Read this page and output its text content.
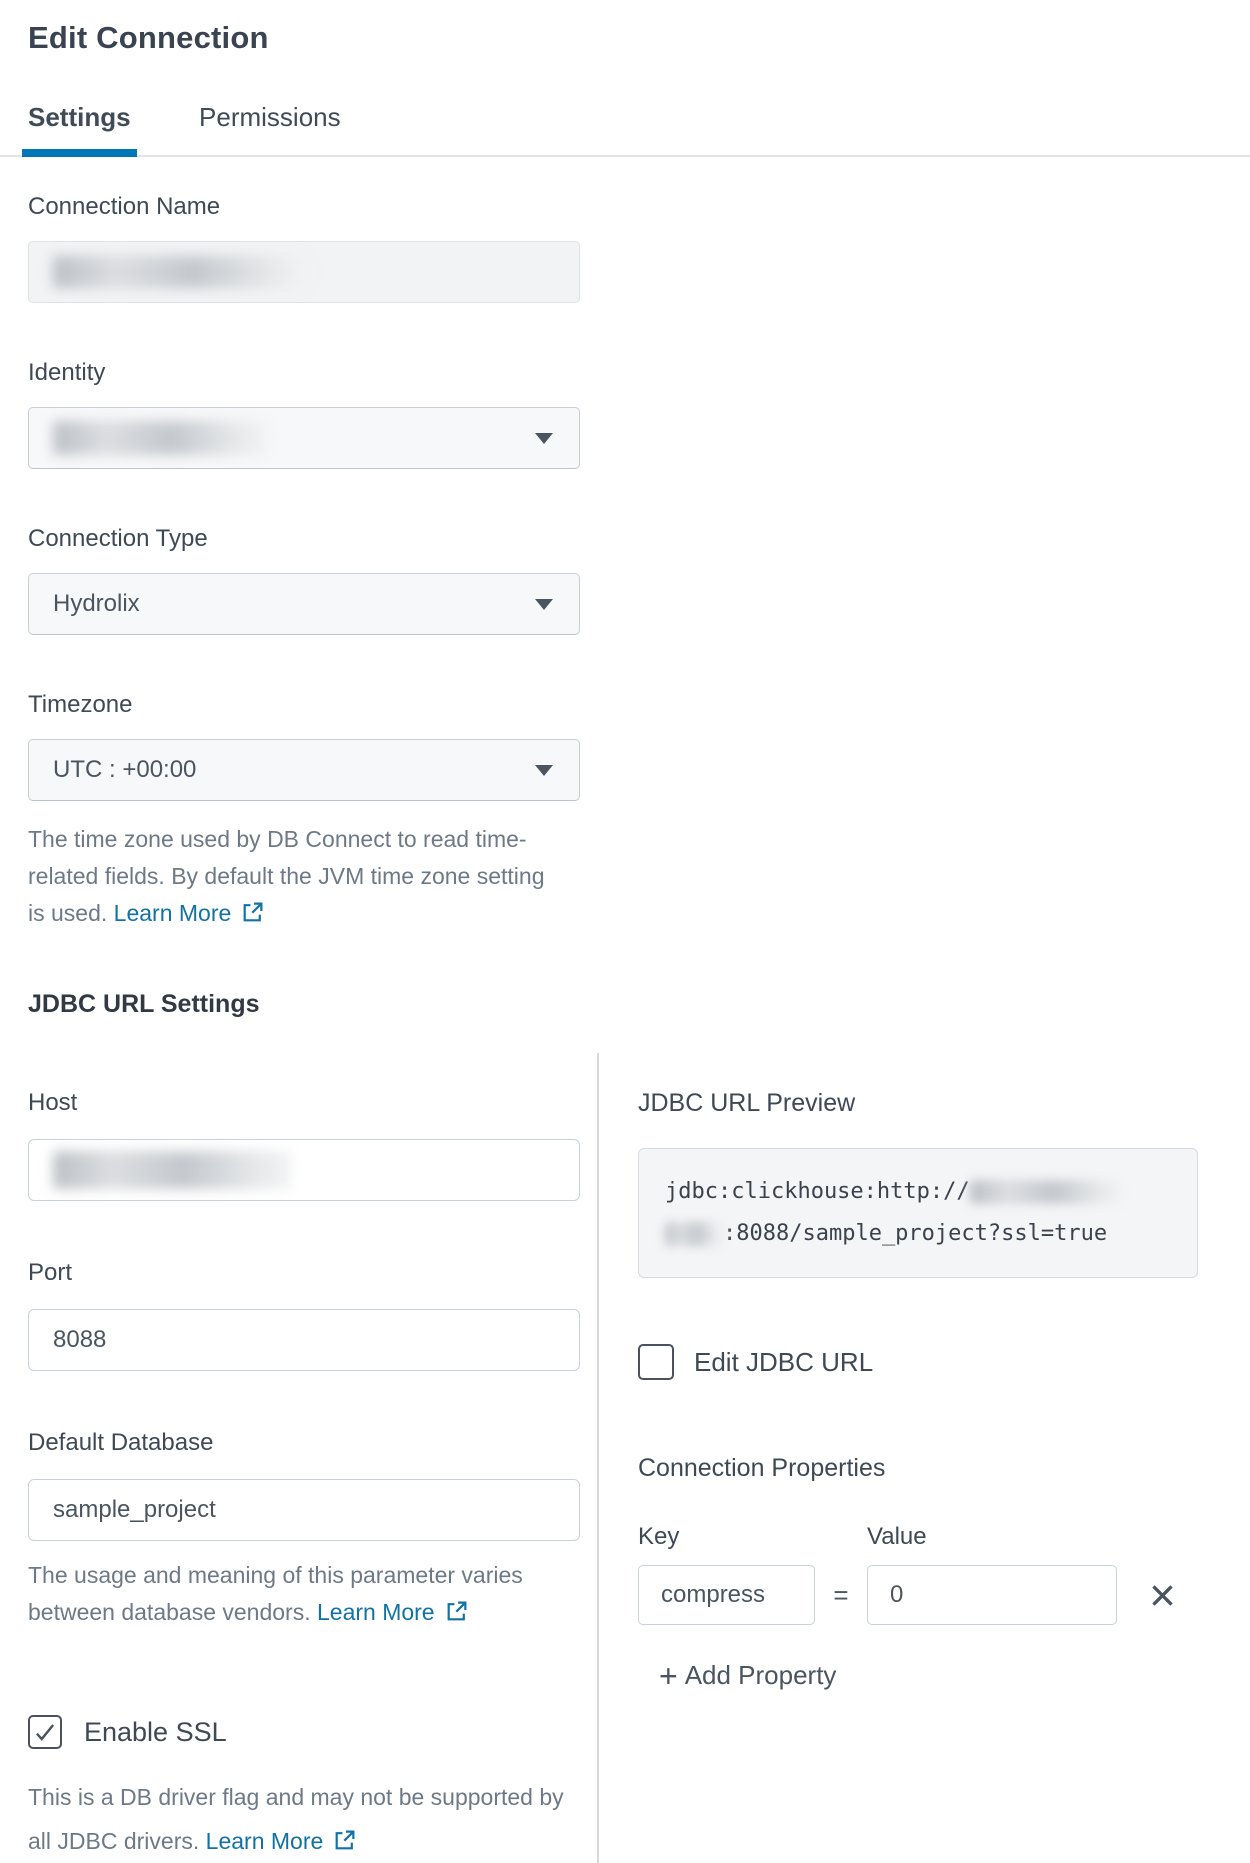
Edit Connection
Settings	Permissions
Connection Name
Identity
Connection Type
Hydrolix
Timezone
UTC : +00:00
The time zone used by DB Connect to read time-
related fields. By default the JVM time zone setting
is used. Learn More
JDBC URL Settings
Host
Port
8088
Default Database
sample_project
The usage and meaning of this parameter varies
between database vendors. Learn More
Enable SSL
This is a DB driver flag and may not be supported by
all JDBC drivers. Learn More
JDBC URL Preview
jdbc:clickhouse:http://
:8088/sample_project?ssl=true
Edit JDBC URL
Connection Properties
Key	Value
compress
=
0
+ Add Property
